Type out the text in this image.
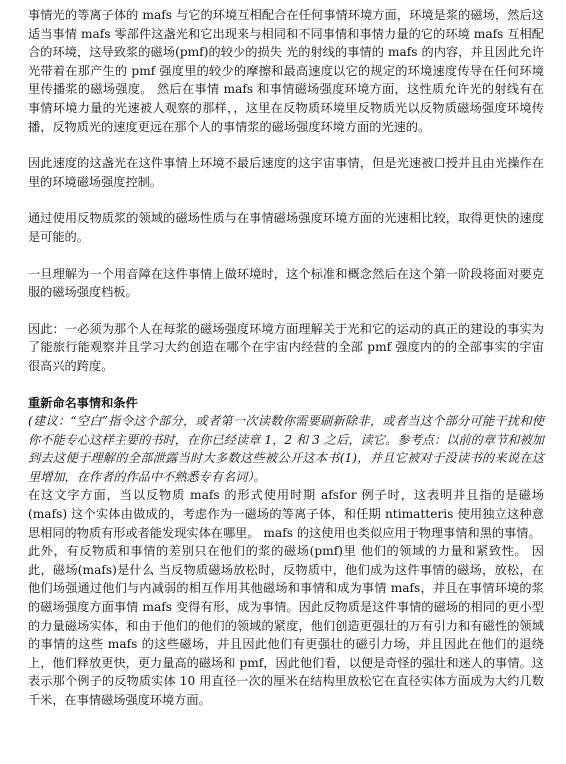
事情光的等离子体的 mafs 与它的环境互相配合在任何事情环境方面，环境是浆的磁场，然后这适当事情 mafs 零部件这盏光和它出现来与相同和不同事情和事情力量的它的环境 mafs 互相配合的环境，这导致浆的磁场(pmf)的较少的损失 光的射线的事情的 mafs 的内容，并且因此允许光带着在那产生的 pmf 强度里的较少的摩擦和最高速度以它的规定的环境速度传导在任何环境里传播浆的磁场强度。 然后在事情 mafs 和事情磁场强度环境方面，这性质允许光的射线有在事情环境力量的光速被人观察的那样，，这里在反物质环境里反物质光以反物质磁场强度环境传播，反物质光的速度更远在那个人的事情浆的磁场强度环境方面的光速的。

因此速度的这盏光在这件事情上环境不最后速度的这宇宙事情，但是光速被口授并且由光操作在里的环境磁场强度控制。

通过使用反物质浆的领域的磁场性质与在事情磁场强度环境方面的光速相比较，取得更快的速度是可能的。

一旦理解为一个用音障在这件事情上做环境时，这个标准和概念然后在这个第一阶段将面对要克服的磁场强度档板。

因此：一必须为那个人在每浆的磁场强度环境方面理解关于光和它的运动的真正的建设的事实为了能旅行能观察并且学习大约创造在哪个在宇宙内经营的全部 pmf 强度内的的全部事实的宇宙很高兴的跨度。

重新命名事情和条件

(建议：“空白”指令这个部分，或者第一次读数你需要刷新除非，或者当这个部分可能干扰和使你不能专心这样主要的书时，在你已经读章 1，2 和 3 之后，读它。参考点：以前的章节和被加到去这便于理解的全部泄露当时大多数这些被公开这本书(1)，并且它被对于没读书的来说在这里增加，在作者的作品中不熟悉专有名词）。

在这文字方面，当以反物质 mafs 的形式使用时期 afsfor 例子时，这表明并且指的是磁场(mafs) 这个实体由做成的，考虑作为一磁场的等离子体，和任期 ntimatteris 使用独立这种意思相同的物质有形或者能发现实体在哪里。 mafs 的这使用也类似应用于物理事情和黑的事情。

此外，有反物质和事情的差别只在他们的浆的磁场(pmf)里 他们的领域的力量和紧致性。 因此，磁场(mafs)是什么 当反物质磁场放松时，反物质中，他们成为这件事情的磁场，放松，在他们场强通过他们与内减弱的相互作用其他磁场和事情和成为事情 mafs，并且在事情环境的浆的磁场强度方面事情 mafs 变得有形，成为事情。因此反物质是这件事情的磁场的相同的更小型的力量磁场实体，和由于他们的他们的领域的紧度，他们创造更强壮的万有引力和有磁性的领域的事情的这些 mafs 的这些磁场，并且因此他们有更强壮的磁引力场，并且因此在他们的退绕上，他们释放更快，更力量高的磁场和 pmf，因此他们看，以便是奇怪的强壮和迷人的事情。这表示那个例子的反物质实体 10 用直径一次的厘米在结构里放松它在直径实体方面成为大约几数千米，在事情磁场强度环境方面。
